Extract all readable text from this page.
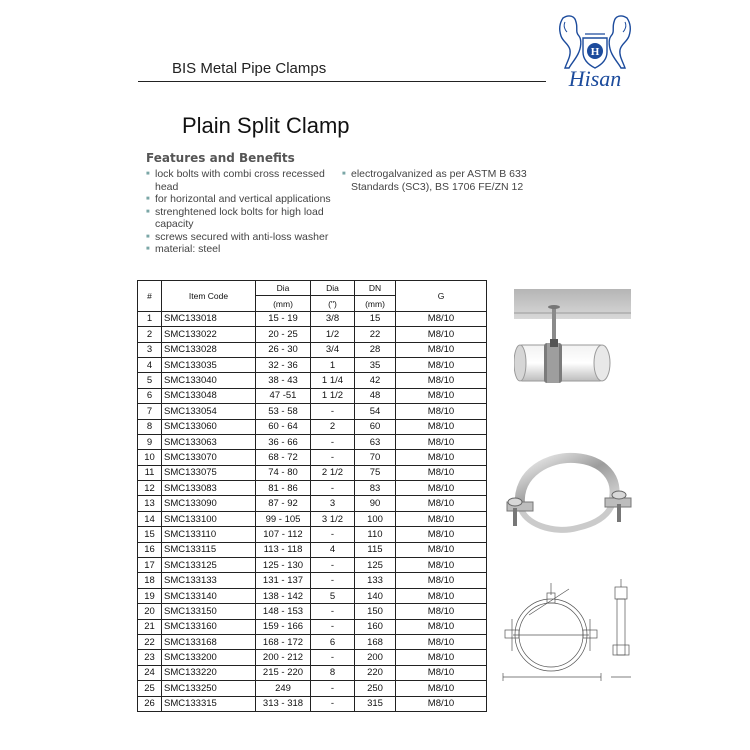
BIS Metal Pipe Clamps
H
Hisan
Plain Split Clamp
Features and Benefits
■ lock bolts with combi cross recessed head
■ for horizontal and vertical applications
■ strenghtened lock bolts for high load capacity
■ screws secured with anti-loss washer
■ material: steel
■ electrogalvanized as per ASTM B 633 Standards (SC3), BS 1706 FE/ZN 12
#	Item Code	Dia	Dia	DN	G
		(mm)	(")	(mm)	
1	SMC133018	15 - 19	3/8	15	M8/10
2	SMC133022	20 - 25	1/2	22	M8/10
3	SMC133028	26 - 30	3/4	28	M8/10
4	SMC133035	32 - 36	1	35	M8/10
5	SMC133040	38 - 43	1 1/4	42	M8/10
6	SMC133048	47 -51	1 1/2	48	M8/10
7	SMC133054	53 - 58	-	54	M8/10
8	SMC133060	60 - 64	2	60	M8/10
9	SMC133063	36 - 66	-	63	M8/10
10	SMC133070	68 - 72	-	70	M8/10
11	SMC133075	74 - 80	2 1/2	75	M8/10
12	SMC133083	81 - 86	-	83	M8/10
13	SMC133090	87 - 92	3	90	M8/10
14	SMC133100	99 - 105	3 1/2	100	M8/10
15	SMC133110	107 - 112	-	110	M8/10
16	SMC133115	113 - 118	4	115	M8/10
17	SMC133125	125 - 130	-	125	M8/10
18	SMC133133	131 - 137	-	133	M8/10
19	SMC133140	138 - 142	5	140	M8/10
20	SMC133150	148 - 153	-	150	M8/10
21	SMC133160	159 - 166	-	160	M8/10
22	SMC133168	168 - 172	6	168	M8/10
23	SMC133200	200 - 212	-	200	M8/10
24	SMC133220	215 - 220	8	220	M8/10
25	SMC133250	249	-	250	M8/10
26	SMC133315	313 - 318	-	315	M8/10
